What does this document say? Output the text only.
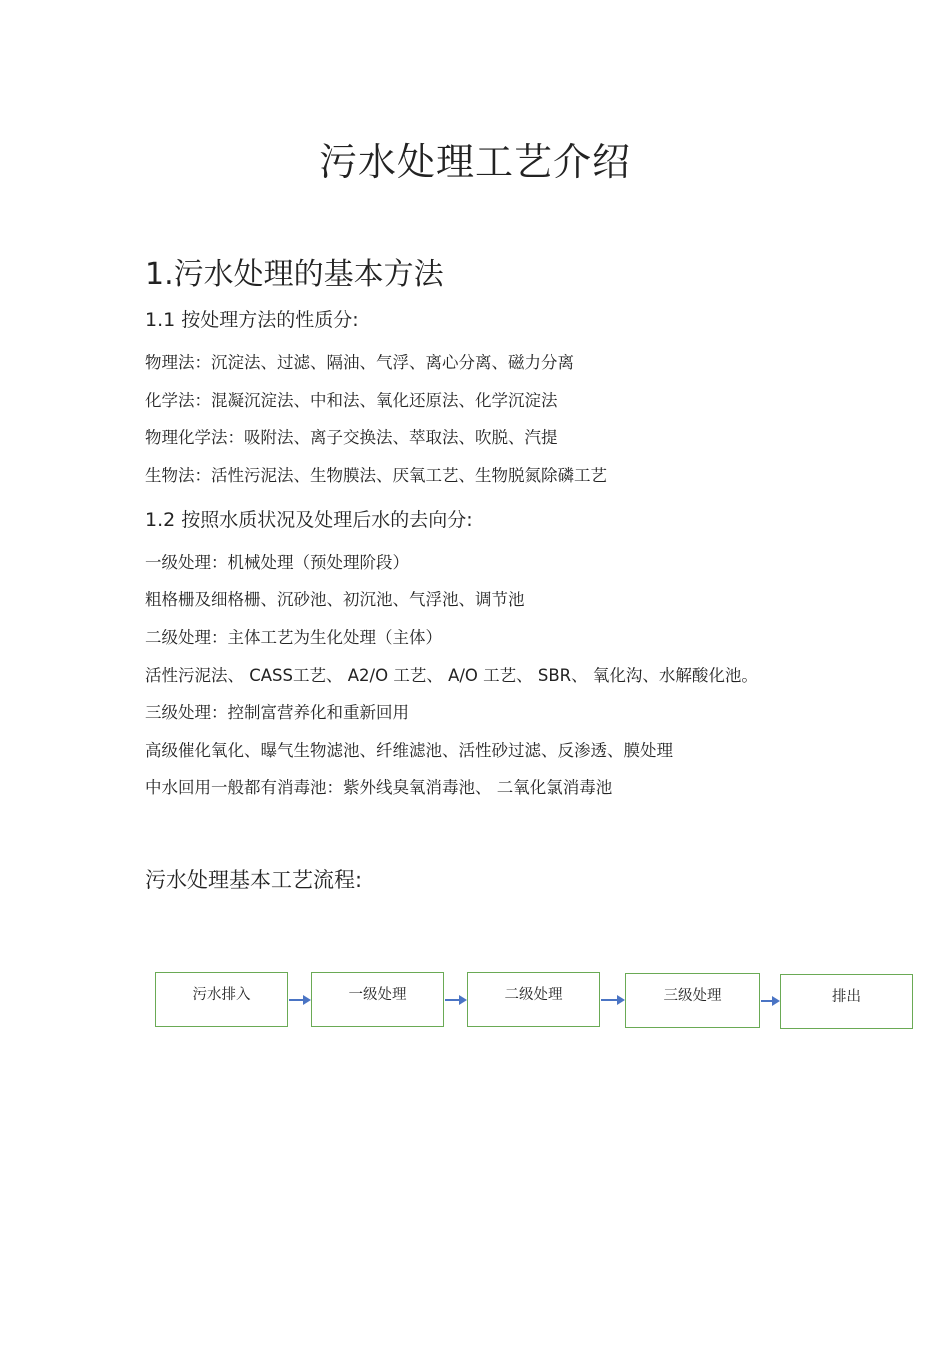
污水处理工艺介绍
1.污水处理的基本方法
1.1 按处理方法的性质分:

物理法：沉淀法、过滤、隔油、气浮、离心分离、磁力分离

化学法：混凝沉淀法、中和法、氧化还原法、化学沉淀法

物理化学法：吸附法、离子交换法、萃取法、吹脱、汽提

生物法：活性污泥法、生物膜法、厌氧工艺、生物脱氮除磷工艺

1.2 按照水质状况及处理后水的去向分:

一级处理：机械处理（预处理阶段）

粗格栅及细格栅、沉砂池、初沉池、气浮池、调节池

二级处理：主体工艺为生化处理（主体）

活性污泥法、 CASS工艺、 A2/O 工艺、 A/O 工艺、 SBR、 氧化沟、水解酸化池。

三级处理：控制富营养化和重新回用

高级催化氧化、曝气生物滤池、纤维滤池、活性砂过滤、反渗透、膜处理

中水回用一般都有消毒池：紫外线臭氧消毒池、 二氧化氯消毒池

污水处理基本工艺流程:
污水排入	一级处理	二级处理	三级处理	排出
